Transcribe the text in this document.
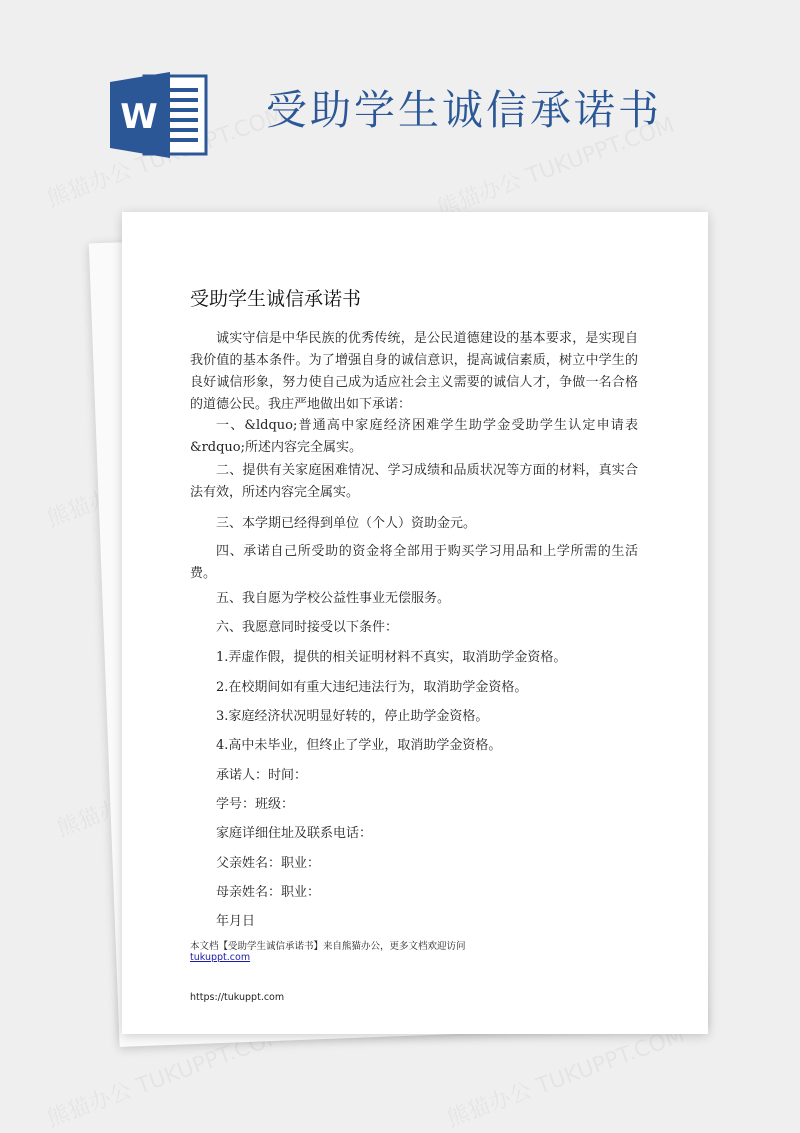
W	受助学生诚信承诺书
受助学生诚信承诺书

诚实守信是中华民族的优秀传统，是公民道德建设的基本要求，是实现自我价值的基本条件。为了增强自身的诚信意识，提高诚信素质，树立中学生的良好诚信形象，努力使自己成为适应社会主义需要的诚信人才，争做一名合格的道德公民。我庄严地做出如下承诺：

一、&ldquo;普通高中家庭经济困难学生助学金受助学生认定申请表&rdquo;所述内容完全属实。

二、提供有关家庭困难情况、学习成绩和品质状况等方面的材料，真实合法有效，所述内容完全属实。

三、本学期已经得到单位（个人）资助金元。

四、承诺自己所受助的资金将全部用于购买学习用品和上学所需的生活费。

五、我自愿为学校公益性事业无偿服务。

六、我愿意同时接受以下条件：

1.弄虚作假，提供的相关证明材料不真实，取消助学金资格。

2.在校期间如有重大违纪违法行为，取消助学金资格。

3.家庭经济状况明显好转的，停止助学金资格。

4.高中未毕业，但终止了学业，取消助学金资格。

承诺人：时间：

学号：班级：

家庭详细住址及联系电话：

父亲姓名：职业：

母亲姓名：职业：

年月日

本文档【受助学生诚信承诺书】来自熊猫办公，更多文档欢迎访问
tukuppt.com
https://tukuppt.com
